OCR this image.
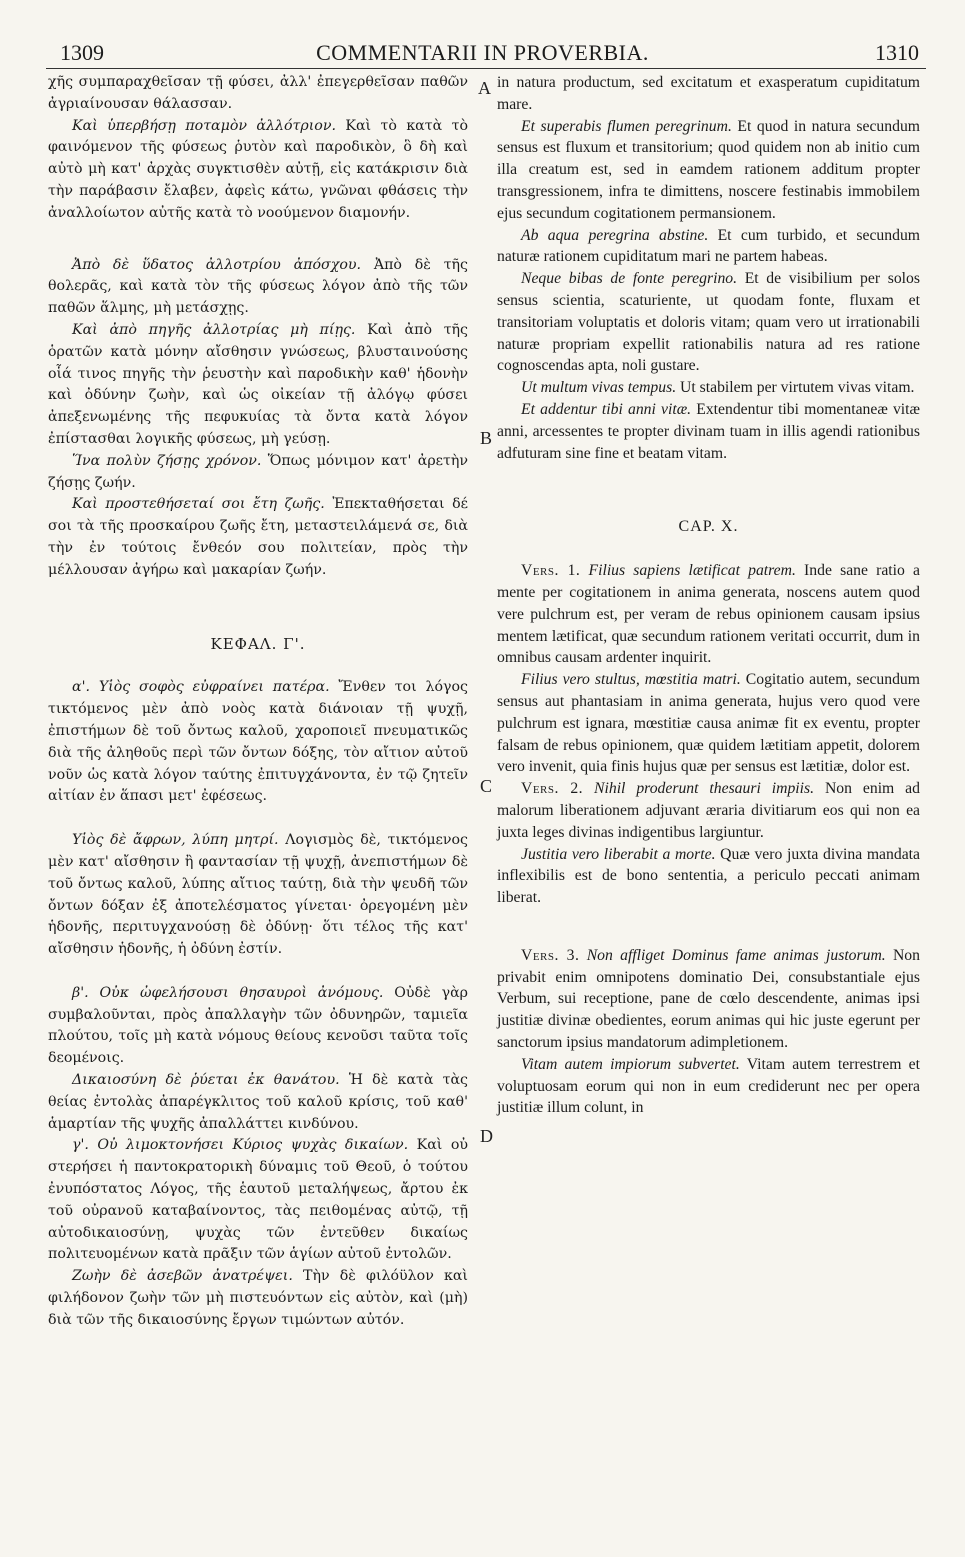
1309	COMMENTARII IN PROVERBIA.	1310
A
B
C
D

χῆς συμπαραχθεῖσαν τῇ φύσει, ἀλλ' ἐπεγερθεῖσαν παθῶν ἀγριαίνουσαν θάλασσαν.

Καὶ ὑπερβήσῃ ποταμὸν ἀλλότριον. Καὶ τὸ κατὰ τὸ φαινόμενον τῆς φύσεως ῥυτὸν καὶ παροδικὸν, ὃ δὴ καὶ αὐτὸ μὴ κατ' ἀρχὰς συγκτισθὲν αὐτῇ, εἰς κατάκρισιν διὰ τὴν παράβασιν ἔλαβεν, ἀφεὶς κάτω, γνῶναι φθάσεις τὴν ἀναλλοίωτον αὐτῆς κατὰ τὸ νοούμενον διαμονήν.

Ἀπὸ δὲ ὕδατος ἀλλοτρίου ἀπόσχου. Ἀπὸ δὲ τῆς θολερᾶς, καὶ κατὰ τὸν τῆς φύσεως λόγον ἀπὸ τῆς τῶν παθῶν ἅλμης, μὴ μετάσχῃς.

Καὶ ἀπὸ πηγῆς ἀλλοτρίας μὴ πίῃς. Καὶ ἀπὸ τῆς ὁρατῶν κατὰ μόνην αἴσθησιν γνώσεως, βλυσταινούσης οἷά τινος πηγῆς τὴν ῥευστὴν καὶ παροδικὴν καθ' ἡδονὴν καὶ ὀδύνην ζωὴν, καὶ ὡς οἰκείαν τῇ ἀλόγῳ φύσει ἀπεξενωμένης τῆς πεφυκυίας τὰ ὄντα κατὰ λόγον ἐπίστασθαι λογικῆς φύσεως, μὴ γεύσῃ.

Ἵνα πολὺν ζήσῃς χρόνον. Ὅπως μόνιμον κατ' ἀρετὴν ζήσῃς ζωήν.

Καὶ προστεθήσεταί σοι ἔτη ζωῆς. Ἐπεκταθήσεται δέ σοι τὰ τῆς προσκαίρου ζωῆς ἔτη, μεταστειλάμενά σε, διὰ τὴν ἐν τούτοις ἔνθεόν σου πολιτείαν, πρὸς τὴν μέλλουσαν ἀγήρω καὶ μακαρίαν ζωήν.

ΚΕΦΑΛ. Γ'.

α'. Υἱὸς σοφὸς εὐφραίνει πατέρα. Ἔνθεν τοι λόγος τικτόμενος μὲν ἀπὸ νοὸς κατὰ διάνοιαν τῇ ψυχῇ, ἐπιστήμων δὲ τοῦ ὄντως καλοῦ, χαροποιεῖ πνευματικῶς διὰ τῆς ἀληθοῦς περὶ τῶν ὄντων δόξης, τὸν αἴτιον αὐτοῦ νοῦν ὡς κατὰ λόγον ταύτης ἐπιτυγχάνοντα, ἐν τῷ ζητεῖν αἰτίαν ἐν ἅπασι μετ' ἐφέσεως.

Υἱὸς δὲ ἄφρων, λύπη μητρί. Λογισμὸς δὲ, τικτόμενος μὲν κατ' αἴσθησιν ἢ φαντασίαν τῇ ψυχῇ, ἀνεπιστήμων δὲ τοῦ ὄντως καλοῦ, λύπης αἴτιος ταύτῃ, διὰ τὴν ψευδῆ τῶν ὄντων δόξαν ἐξ ἀποτελέσματος γίνεται· ὀρεγομένη μὲν ἡδονῆς, περιτυγχανούσῃ δὲ ὀδύνῃ· ὅτι τέλος τῆς κατ' αἴσθησιν ἡδονῆς, ἡ ὀδύνη ἐστίν.

β'. Οὐκ ὠφελήσουσι θησαυροὶ ἀνόμους. Οὐδὲ γὰρ συμβαλοῦνται, πρὸς ἀπαλλαγὴν τῶν ὀδυνηρῶν, ταμιεῖα πλούτου, τοῖς μὴ κατὰ νόμους θείους κενοῦσι ταῦτα τοῖς δεομένοις.

Δικαιοσύνη δὲ ῥύεται ἐκ θανάτου. Ἡ δὲ κατὰ τὰς θείας ἐντολὰς ἀπαρέγκλιτος τοῦ καλοῦ κρίσις, τοῦ καθ' ἁμαρτίαν τῆς ψυχῆς ἀπαλλάττει κινδύνου.

γ'. Οὐ λιμοκτονήσει Κύριος ψυχὰς δικαίων. Καὶ οὐ στερήσει ἡ παντοκρατορικὴ δύναμις τοῦ Θεοῦ, ὁ τούτου ἐνυπόστατος Λόγος, τῆς ἑαυτοῦ μεταλήψεως, ἄρτου ἐκ τοῦ οὐρανοῦ καταβαίνοντος, τὰς πειθομένας αὐτῷ, τῇ αὐτοδικαιοσύνῃ, ψυχὰς τῶν ἐντεῦθεν δικαίως πολιτευομένων κατὰ πρᾶξιν τῶν ἁγίων αὐτοῦ ἐντολῶν.

Ζωὴν δὲ ἀσεβῶν ἀνατρέψει. Τὴν δὲ φιλόϋλον καὶ φιλήδονον ζωὴν τῶν μὴ πιστευόντων εἰς αὐτὸν, καὶ (μὴ) διὰ τῶν τῆς δικαιοσύνης ἔργων τιμώντων αὐτόν.

in natura productum, sed excitatum et exasperatum cupiditatum mare.

Et superabis flumen peregrinum. Et quod in natura secundum sensus est fluxum et transitorium; quod quidem non ab initio cum illa creatum est, sed in eamdem rationem additum propter transgressionem, infra te dimittens, noscere festinabis immobilem ejus secundum cogitationem permansionem.

Ab aqua peregrina abstine. Et cum turbido, et secundum naturæ rationem cupiditatum mari ne partem habeas.

Neque bibas de fonte peregrino. Et de visibilium per solos sensus scientia, scaturiente, ut quodam fonte, fluxam et transitoriam voluptatis et doloris vitam; quam vero ut irrationabili naturæ propriam expellit rationabilis natura ad res ratione cognoscendas apta, noli gustare.

Ut multum vivas tempus. Ut stabilem per virtutem vivas vitam.

Et addentur tibi anni vitæ. Extendentur tibi momentaneæ vitæ anni, arcessentes te propter divinam tuam in illis agendi rationibus adfuturam sine fine et beatam vitam.

CAP. X.

Vers. 1. Filius sapiens lætificat patrem. Inde sane ratio a mente per cogitationem in anima generata, noscens autem quod vere pulchrum est, per veram de rebus opinionem causam ipsius mentem lætificat, quæ secundum rationem veritati occurrit, dum in omnibus causam ardenter inquirit.

Filius vero stultus, mœstitia matri. Cogitatio autem, secundum sensus aut phantasiam in anima generata, hujus vero quod vere pulchrum est ignara, mœstitiæ causa animæ fit ex eventu, propter falsam de rebus opinionem, quæ quidem lætitiam appetit, dolorem vero invenit, quia finis hujus quæ per sensus est lætitiæ, dolor est.

Vers. 2. Nihil proderunt thesauri impiis. Non enim ad malorum liberationem adjuvant æraria divitiarum eos qui non ea juxta leges divinas indigentibus largiuntur.

Justitia vero liberabit a morte. Quæ vero juxta divina mandata inflexibilis est de bono sententia, a periculo peccati animam liberat.

Vers. 3. Non affliget Dominus fame animas justorum. Non privabit enim omnipotens dominatio Dei, consubstantiale ejus Verbum, sui receptione, pane de cœlo descendente, animas ipsi justitiæ divinæ obedientes, eorum animas qui hic juste egerunt per sanctorum ipsius mandatorum adimpletionem.

Vitam autem impiorum subvertet. Vitam autem terrestrem et voluptuosam eorum qui non in eum crediderunt nec per opera justitiæ illum colunt, in
